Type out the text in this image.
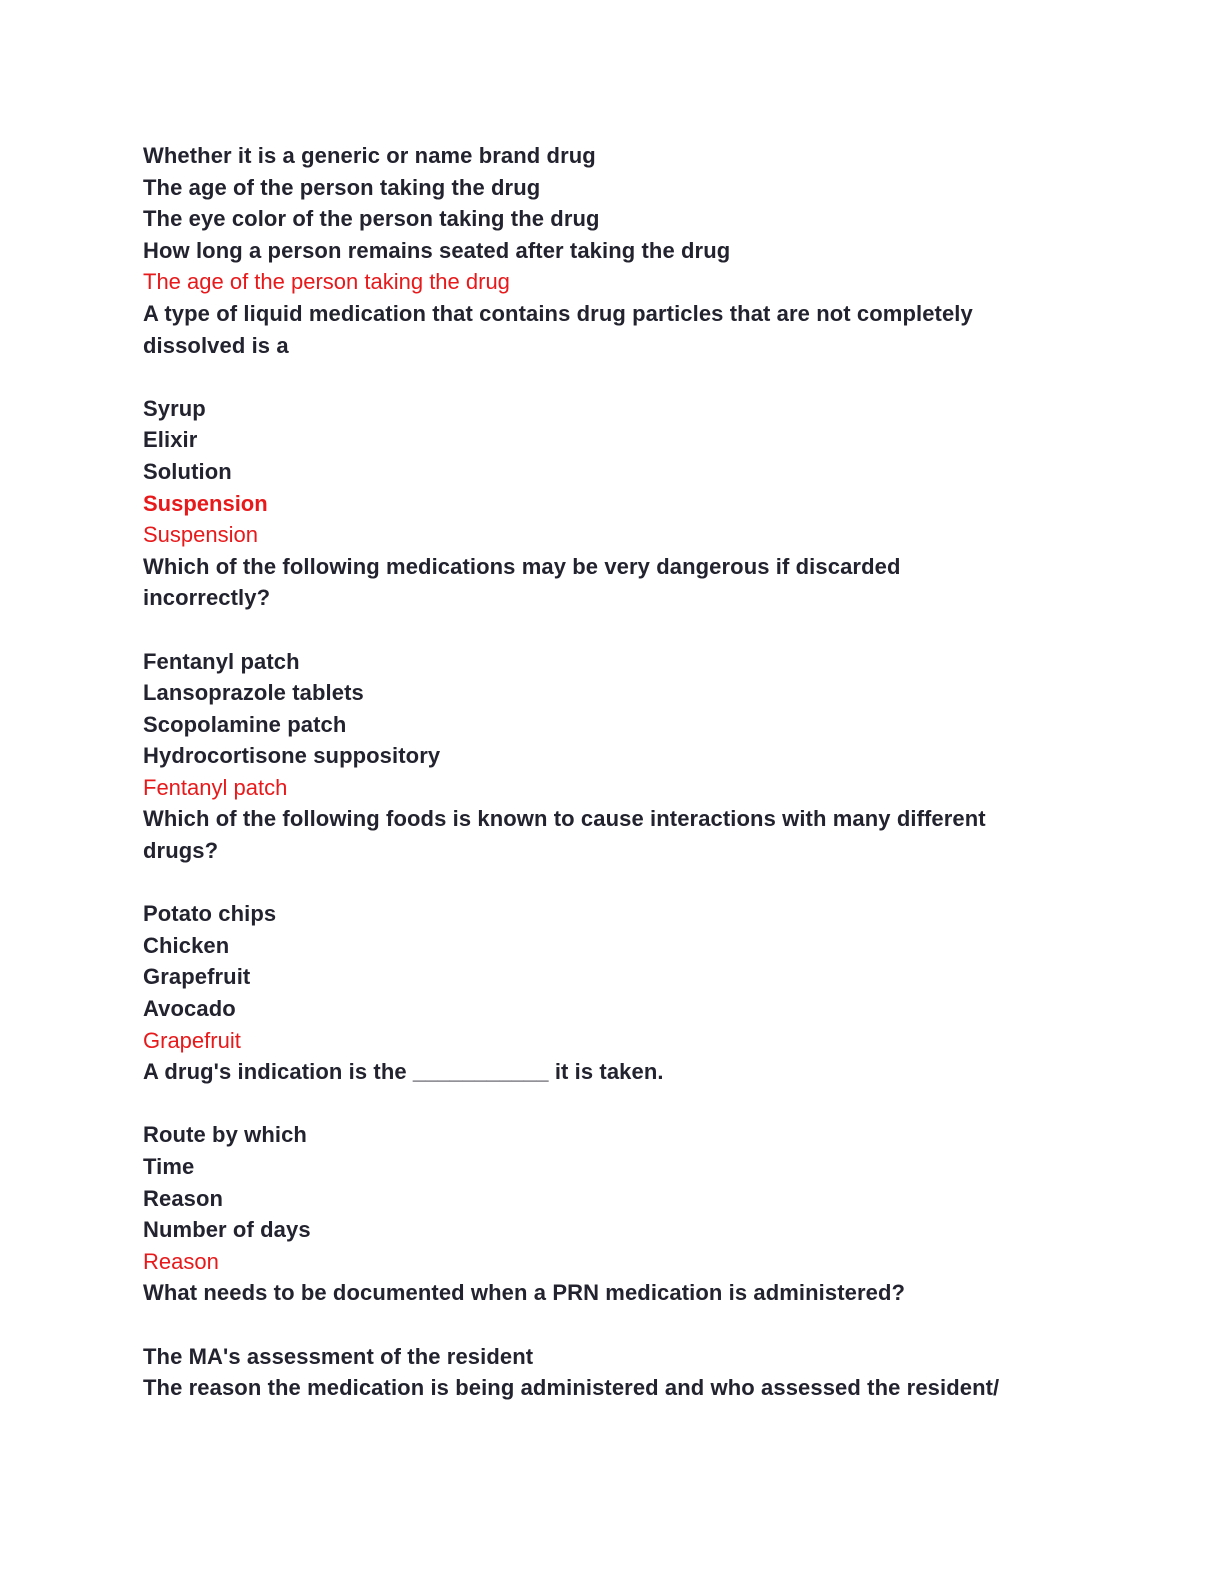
Whether it is a generic or name brand drug
The age of the person taking the drug
The eye color of the person taking the drug
How long a person remains seated after taking the drug
The age of the person taking the drug
A type of liquid medication that contains drug particles that are not completely
dissolved is a
Syrup
Elixir
Solution
Suspension
Suspension
Which of the following medications may be very dangerous if discarded
incorrectly?
Fentanyl patch
Lansoprazole tablets
Scopolamine patch
Hydrocortisone suppository
Fentanyl patch
Which of the following foods is known to cause interactions with many different
drugs?
Potato chips
Chicken
Grapefruit
Avocado
Grapefruit
A drug's indication is the ___________ it is taken.
Route by which
Time
Reason
Number of days
Reason
What needs to be documented when a PRN medication is administered?
The MA's assessment of the resident
The reason the medication is being administered and who assessed the resident/
